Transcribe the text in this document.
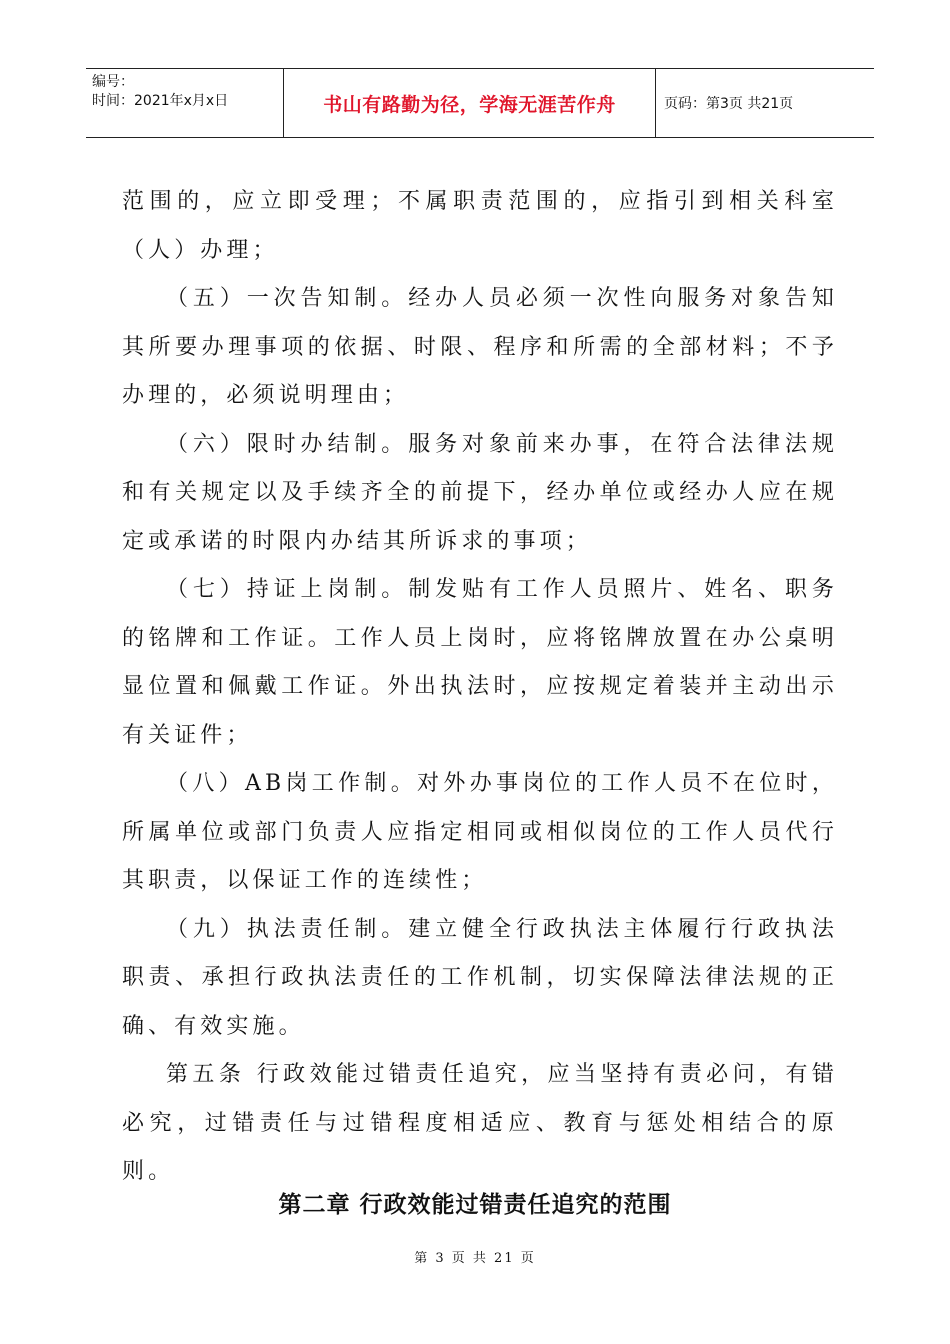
编号：
时间：2021年x月x日	书山有路勤为径，学海无涯苦作舟	页码：第3页 共21页

范围的，应立即受理；不属职责范围的，应指引到相关科室（人）办理；

（五）一次告知制。经办人员必须一次性向服务对象告知其所要办理事项的依据、时限、程序和所需的全部材料；不予办理的，必须说明理由；

（六）限时办结制。服务对象前来办事，在符合法律法规和有关规定以及手续齐全的前提下，经办单位或经办人应在规定或承诺的时限内办结其所诉求的事项；

（七）持证上岗制。制发贴有工作人员照片、姓名、职务的铭牌和工作证。工作人员上岗时，应将铭牌放置在办公桌明显位置和佩戴工作证。外出执法时，应按规定着装并主动出示有关证件；

（八）AB岗工作制。对外办事岗位的工作人员不在位时，所属单位或部门负责人应指定相同或相似岗位的工作人员代行其职责，以保证工作的连续性；

（九）执法责任制。建立健全行政执法主体履行行政执法职责、承担行政执法责任的工作机制，切实保障法律法规的正确、有效实施。

第五条 行政效能过错责任追究，应当坚持有责必问，有错必究，过错责任与过错程度相适应、教育与惩处相结合的原则。

第二章 行政效能过错责任追究的范围
第 3 页 共 21 页
